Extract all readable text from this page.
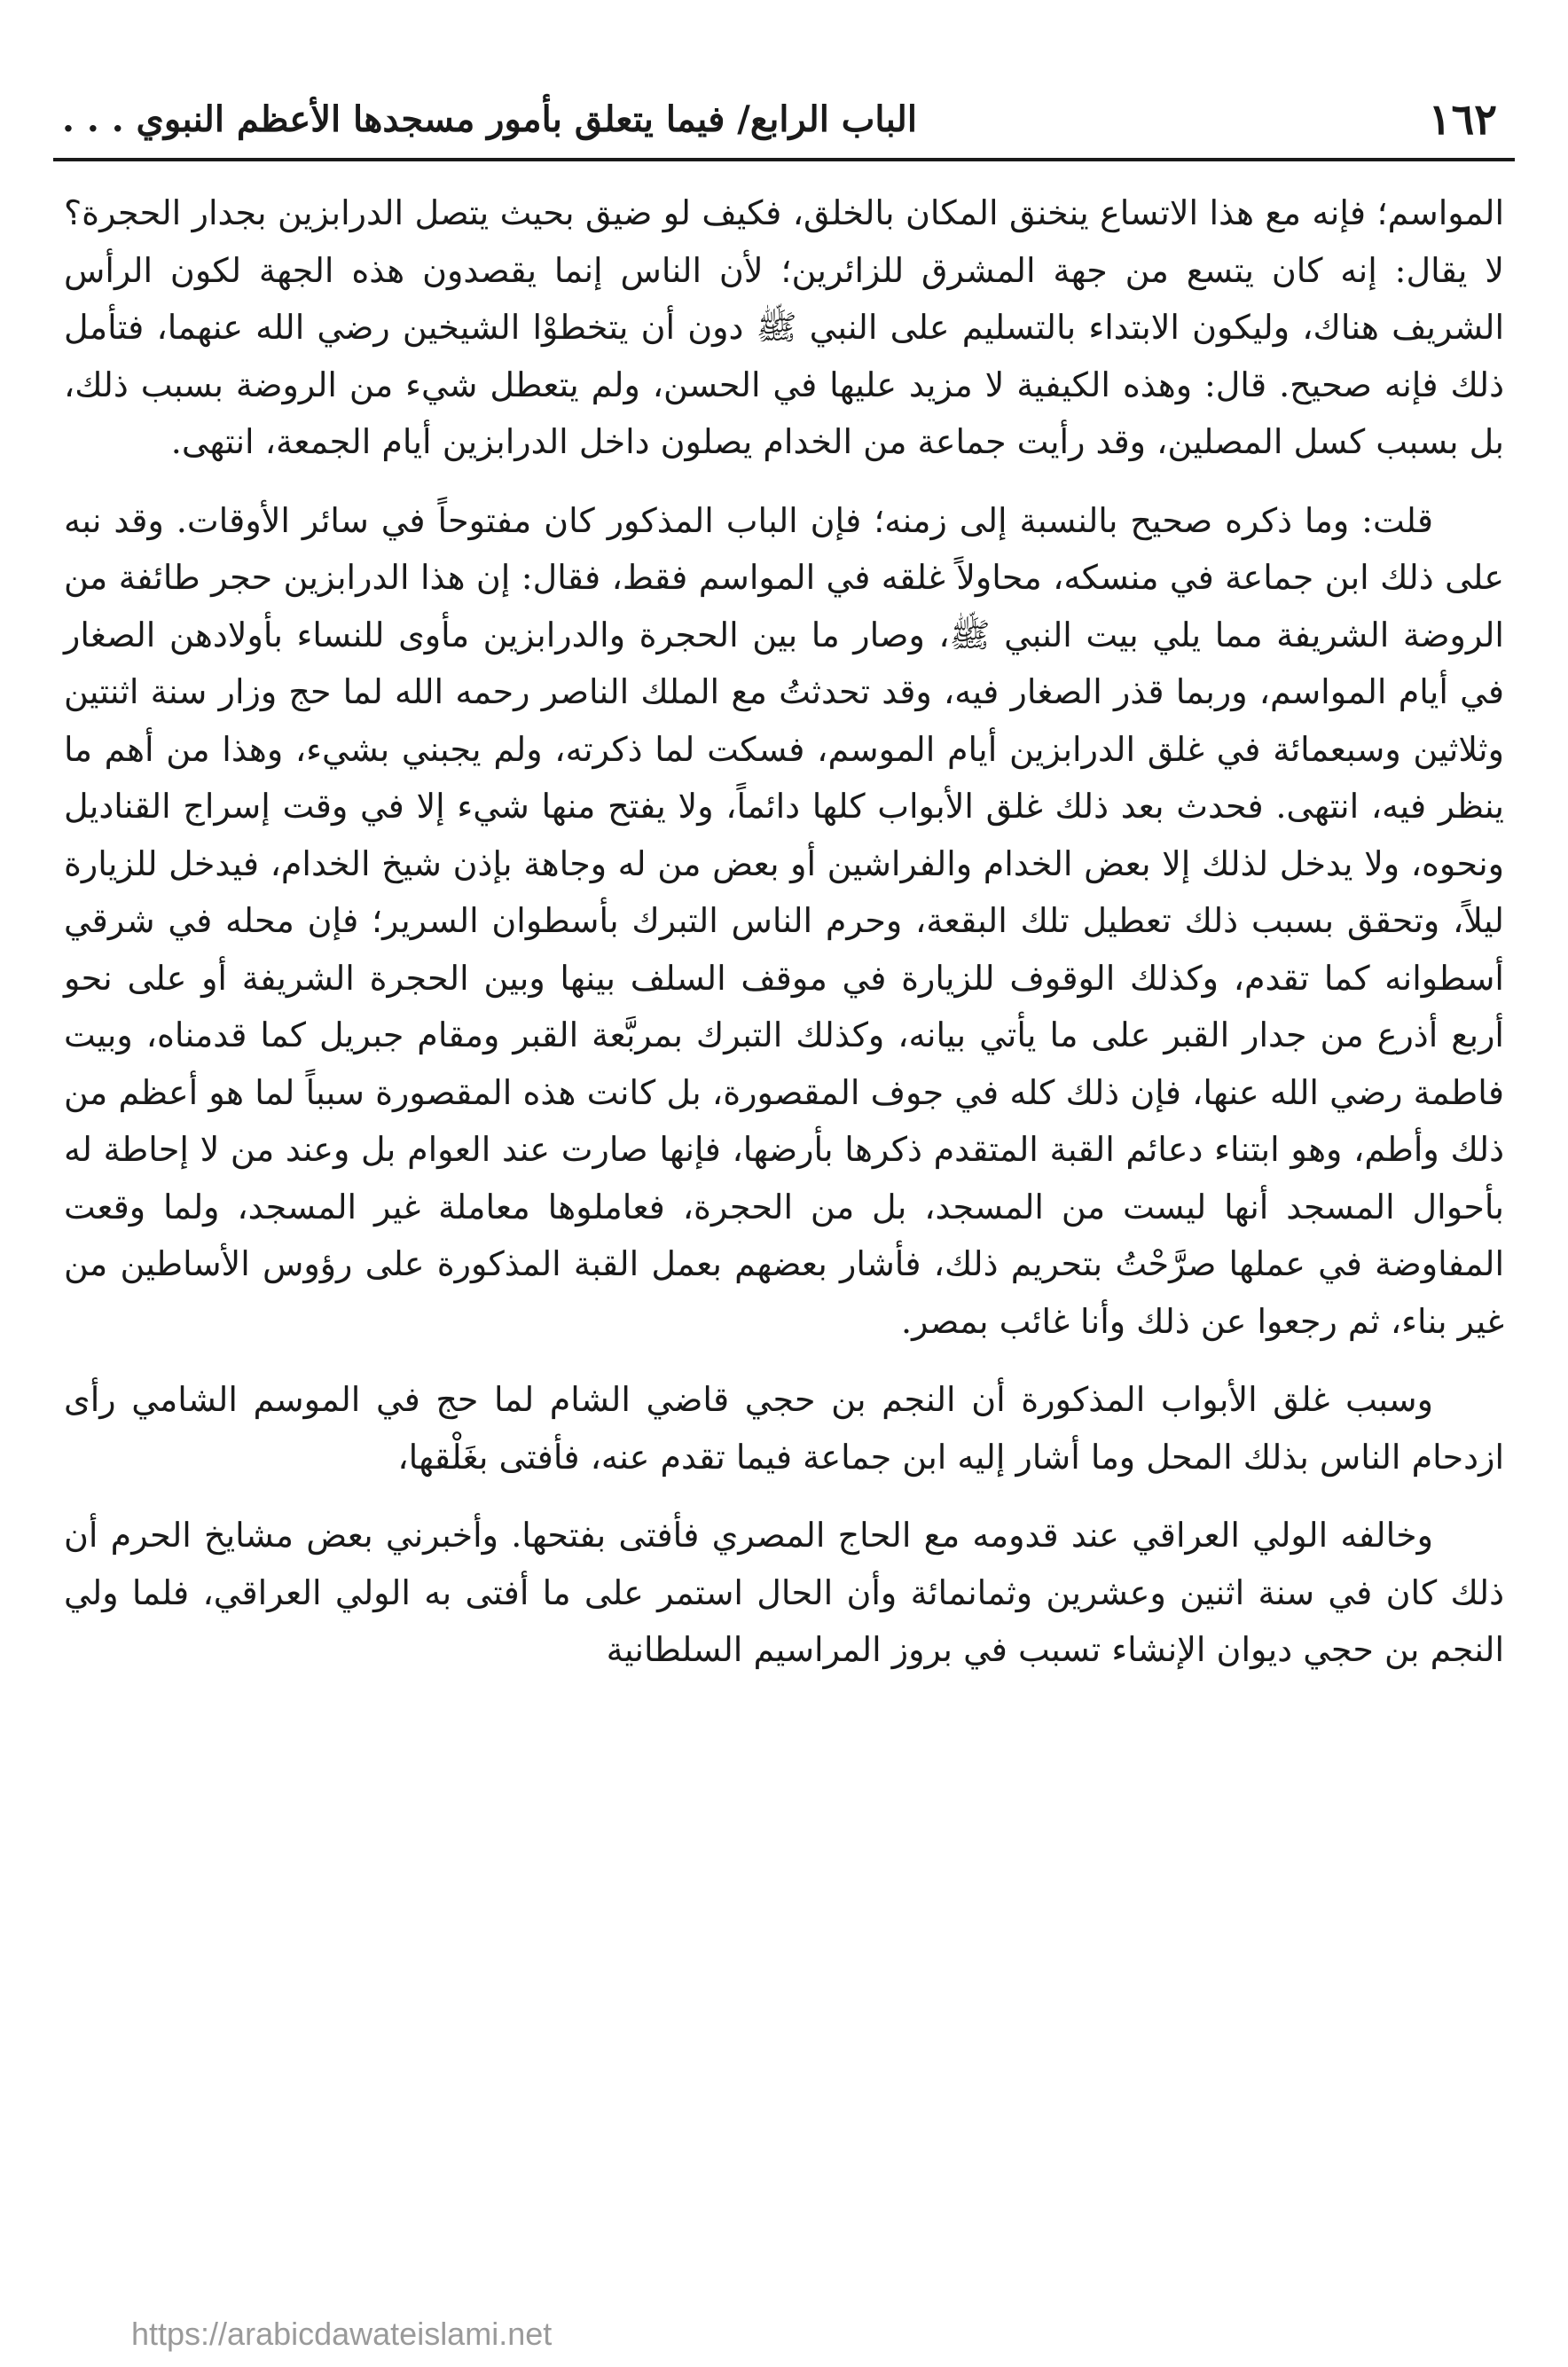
١٦٢
الباب الرابع/ فيما يتعلق بأمور مسجدها الأعظم النبوي . . .

المواسم؛ فإنه مع هذا الاتساع ينخنق المكان بالخلق، فكيف لو ضيق بحيث يتصل الدرابزين بجدار الحجرة؟ لا يقال: إنه كان يتسع من جهة المشرق للزائرين؛ لأن الناس إنما يقصدون هذه الجهة لكون الرأس الشريف هناك، وليكون الابتداء بالتسليم على النبي ﷺ دون أن يتخطوْا الشيخين رضي الله عنهما، فتأمل ذلك فإنه صحيح. قال: وهذه الكيفية لا مزيد عليها في الحسن، ولم يتعطل شيء من الروضة بسبب ذلك، بل بسبب كسل المصلين، وقد رأيت جماعة من الخدام يصلون داخل الدرابزين أيام الجمعة، انتهى.

قلت: وما ذكره صحيح بالنسبة إلى زمنه؛ فإن الباب المذكور كان مفتوحاً في سائر الأوقات. وقد نبه على ذلك ابن جماعة في منسكه، محاولاً غلقه في المواسم فقط، فقال: إن هذا الدرابزين حجر طائفة من الروضة الشريفة مما يلي بيت النبي ﷺ، وصار ما بين الحجرة والدرابزين مأوى للنساء بأولادهن الصغار في أيام المواسم، وربما قذر الصغار فيه، وقد تحدثتُ مع الملك الناصر رحمه الله لما حج وزار سنة اثنتين وثلاثين وسبعمائة في غلق الدرابزين أيام الموسم، فسكت لما ذكرته، ولم يجبني بشيء، وهذا من أهم ما ينظر فيه، انتهى. فحدث بعد ذلك غلق الأبواب كلها دائماً، ولا يفتح منها شيء إلا في وقت إسراج القناديل ونحوه، ولا يدخل لذلك إلا بعض الخدام والفراشين أو بعض من له وجاهة بإذن شيخ الخدام، فيدخل للزيارة ليلاً، وتحقق بسبب ذلك تعطيل تلك البقعة، وحرم الناس التبرك بأسطوان السرير؛ فإن محله في شرقي أسطوانه كما تقدم، وكذلك الوقوف للزيارة في موقف السلف بينها وبين الحجرة الشريفة أو على نحو أربع أذرع من جدار القبر على ما يأتي بيانه، وكذلك التبرك بمربَّعة القبر ومقام جبريل كما قدمناه، وبيت فاطمة رضي الله عنها، فإن ذلك كله في جوف المقصورة، بل كانت هذه المقصورة سبباً لما هو أعظم من ذلك وأطم، وهو ابتناء دعائم القبة المتقدم ذكرها بأرضها، فإنها صارت عند العوام بل وعند من لا إحاطة له بأحوال المسجد أنها ليست من المسجد، بل من الحجرة، فعاملوها معاملة غير المسجد، ولما وقعت المفاوضة في عملها صرَّحْتُ بتحريم ذلك، فأشار بعضهم بعمل القبة المذكورة على رؤوس الأساطين من غير بناء، ثم رجعوا عن ذلك وأنا غائب بمصر.

وسبب غلق الأبواب المذكورة أن النجم بن حجي قاضي الشام لما حج في الموسم الشامي رأى ازدحام الناس بذلك المحل وما أشار إليه ابن جماعة فيما تقدم عنه، فأفتى بغَلْقها،

وخالفه الولي العراقي عند قدومه مع الحاج المصري فأفتى بفتحها. وأخبرني بعض مشايخ الحرم أن ذلك كان في سنة اثنين وعشرين وثمانمائة وأن الحال استمر على ما أفتى به الولي العراقي، فلما ولي النجم بن حجي ديوان الإنشاء تسبب في بروز المراسيم السلطانية

https://arabicdawateislami.net
